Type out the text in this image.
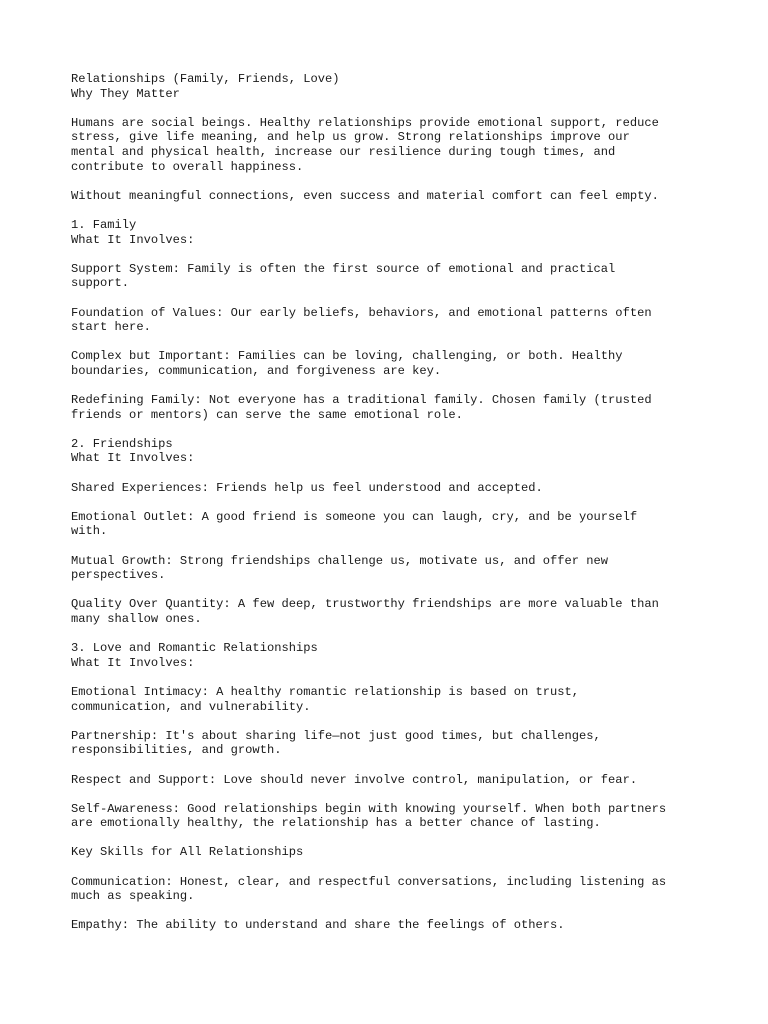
Relationships (Family, Friends, Love)
Why They Matter
Humans are social beings. Healthy relationships provide emotional support, reduce
stress, give life meaning, and help us grow. Strong relationships improve our
mental and physical health, increase our resilience during tough times, and
contribute to overall happiness.
Without meaningful connections, even success and material comfort can feel empty.
1. Family
What It Involves:
Support System: Family is often the first source of emotional and practical
support.
Foundation of Values: Our early beliefs, behaviors, and emotional patterns often
start here.
Complex but Important: Families can be loving, challenging, or both. Healthy
boundaries, communication, and forgiveness are key.
Redefining Family: Not everyone has a traditional family. Chosen family (trusted
friends or mentors) can serve the same emotional role.
2. Friendships
What It Involves:
Shared Experiences: Friends help us feel understood and accepted.
Emotional Outlet: A good friend is someone you can laugh, cry, and be yourself
with.
Mutual Growth: Strong friendships challenge us, motivate us, and offer new
perspectives.
Quality Over Quantity: A few deep, trustworthy friendships are more valuable than
many shallow ones.
3. Love and Romantic Relationships
What It Involves:
Emotional Intimacy: A healthy romantic relationship is based on trust,
communication, and vulnerability.
Partnership: It's about sharing life—not just good times, but challenges,
responsibilities, and growth.
Respect and Support: Love should never involve control, manipulation, or fear.
Self-Awareness: Good relationships begin with knowing yourself. When both partners
are emotionally healthy, the relationship has a better chance of lasting.
Key Skills for All Relationships
Communication: Honest, clear, and respectful conversations, including listening as
much as speaking.
Empathy: The ability to understand and share the feelings of others.
